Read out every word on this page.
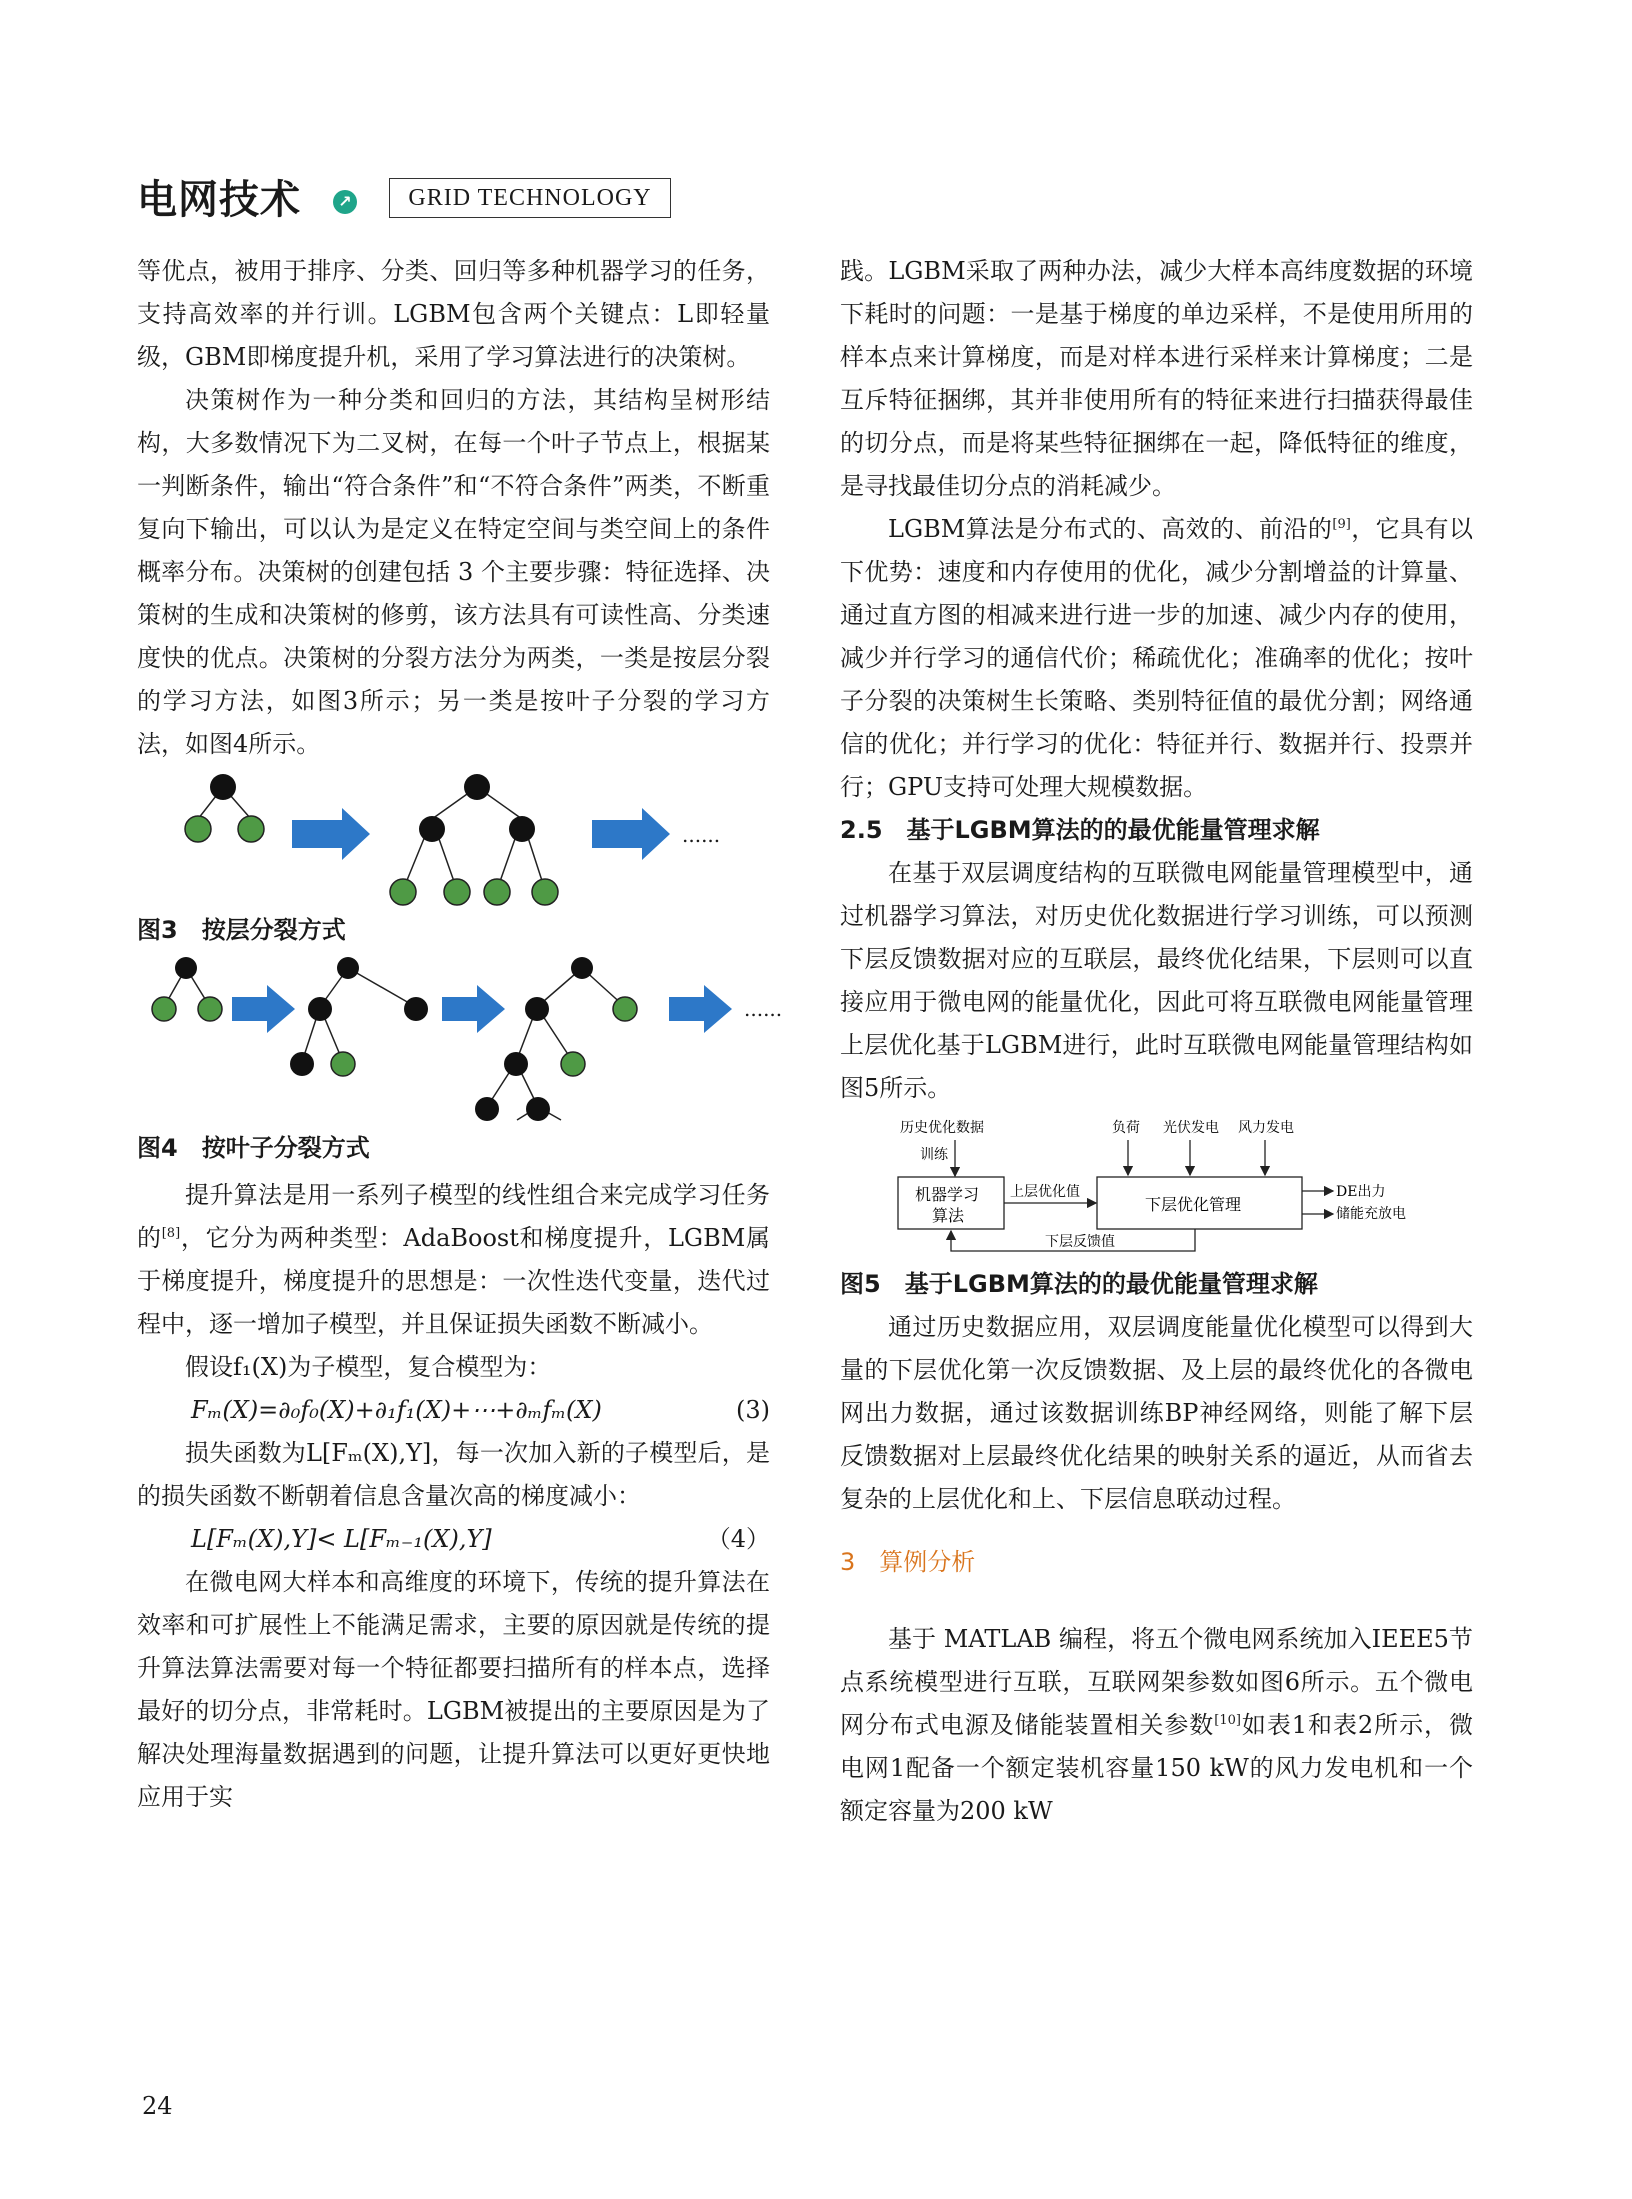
电网技术	↗	GRID TECHNOLOGY

等优点，被用于排序、分类、回归等多种机器学习的任务，支持高效率的并行训。LGBM包含两个关键点：L即轻量级，GBM即梯度提升机，采用了学习算法进行的决策树。

决策树作为一种分类和回归的方法，其结构呈树形结构，大多数情况下为二叉树，在每一个叶子节点上，根据某一判断条件，输出“符合条件”和“不符合条件”两类，不断重复向下输出，可以认为是定义在特定空间与类空间上的条件概率分布。决策树的创建包括 3 个主要步骤：特征选择、决策树的生成和决策树的修剪，该方法具有可读性高、分类速度快的优点。决策树的分裂方法分为两类，一类是按层分裂的学习方法，如图3所示；另一类是按叶子分裂的学习方法，如图4所示。

......

图3　按层分裂方式

......

图4　按叶子分裂方式

提升算法是用一系列子模型的线性组合来完成学习任务的[8]，它分为两种类型：AdaBoost和梯度提升，LGBM属于梯度提升，梯度提升的思想是：一次性迭代变量，迭代过程中，逐一增加子模型，并且保证损失函数不断减小。

假设f₁(X)为子模型，复合模型为：

Fₘ(X)=∂₀f₀(X)+∂₁f₁(X)+⋯+∂ₘfₘ(X)	(3)

损失函数为L[Fₘ(X),Y]，每一次加入新的子模型后，是的损失函数不断朝着信息含量次高的梯度减小：

L[Fₘ(X),Y]< L[Fₘ₋₁(X),Y]	（4）

在微电网大样本和高维度的环境下，传统的提升算法在效率和可扩展性上不能满足需求，主要的原因就是传统的提升算法算法需要对每一个特征都要扫描所有的样本点，选择最好的切分点，非常耗时。LGBM被提出的主要原因是为了解决处理海量数据遇到的问题，让提升算法可以更好更快地应用于实

践。LGBM采取了两种办法，减少大样本高纬度数据的环境下耗时的问题：一是基于梯度的单边采样，不是使用所用的样本点来计算梯度，而是对样本进行采样来计算梯度；二是互斥特征捆绑，其并非使用所有的特征来进行扫描获得最佳的切分点，而是将某些特征捆绑在一起，降低特征的维度，是寻找最佳切分点的消耗减少。

LGBM算法是分布式的、高效的、前沿的[9]，它具有以下优势：速度和内存使用的优化，减少分割增益的计算量、通过直方图的相减来进行进一步的加速、减少内存的使用，减少并行学习的通信代价；稀疏优化；准确率的优化；按叶子分裂的决策树生长策略、类别特征值的最优分割；网络通信的优化；并行学习的优化：特征并行、数据并行、投票并行；GPU支持可处理大规模数据。

2.5　基于LGBM算法的的最优能量管理求解

在基于双层调度结构的互联微电网能量管理模型中，通过机器学习算法，对历史优化数据进行学习训练，可以预测下层反馈数据对应的互联层，最终优化结果，下层则可以直接应用于微电网的能量优化，因此可将互联微电网能量管理上层优化基于LGBM进行，此时互联微电网能量管理结构如图5所示。

历史优化数据
训练
机器学习
算法
上层优化值
负荷 光伏发电 风力发电
下层优化管理
DE出力
储能充放电
下层反馈值

图5　基于LGBM算法的的最优能量管理求解

通过历史数据应用，双层调度能量优化模型可以得到大量的下层优化第一次反馈数据、及上层的最终优化的各微电网出力数据，通过该数据训练BP神经网络，则能了解下层反馈数据对上层最终优化结果的映射关系的逼近，从而省去复杂的上层优化和上、下层信息联动过程。

3　算例分析

基于 MATLAB 编程，将五个微电网系统加入IEEE5节点系统模型进行互联，互联网架参数如图6所示。五个微电网分布式电源及储能装置相关参数[10]如表1和表2所示，微电网1配备一个额定装机容量150 kW的风力发电机和一个额定容量为200 kW

24
